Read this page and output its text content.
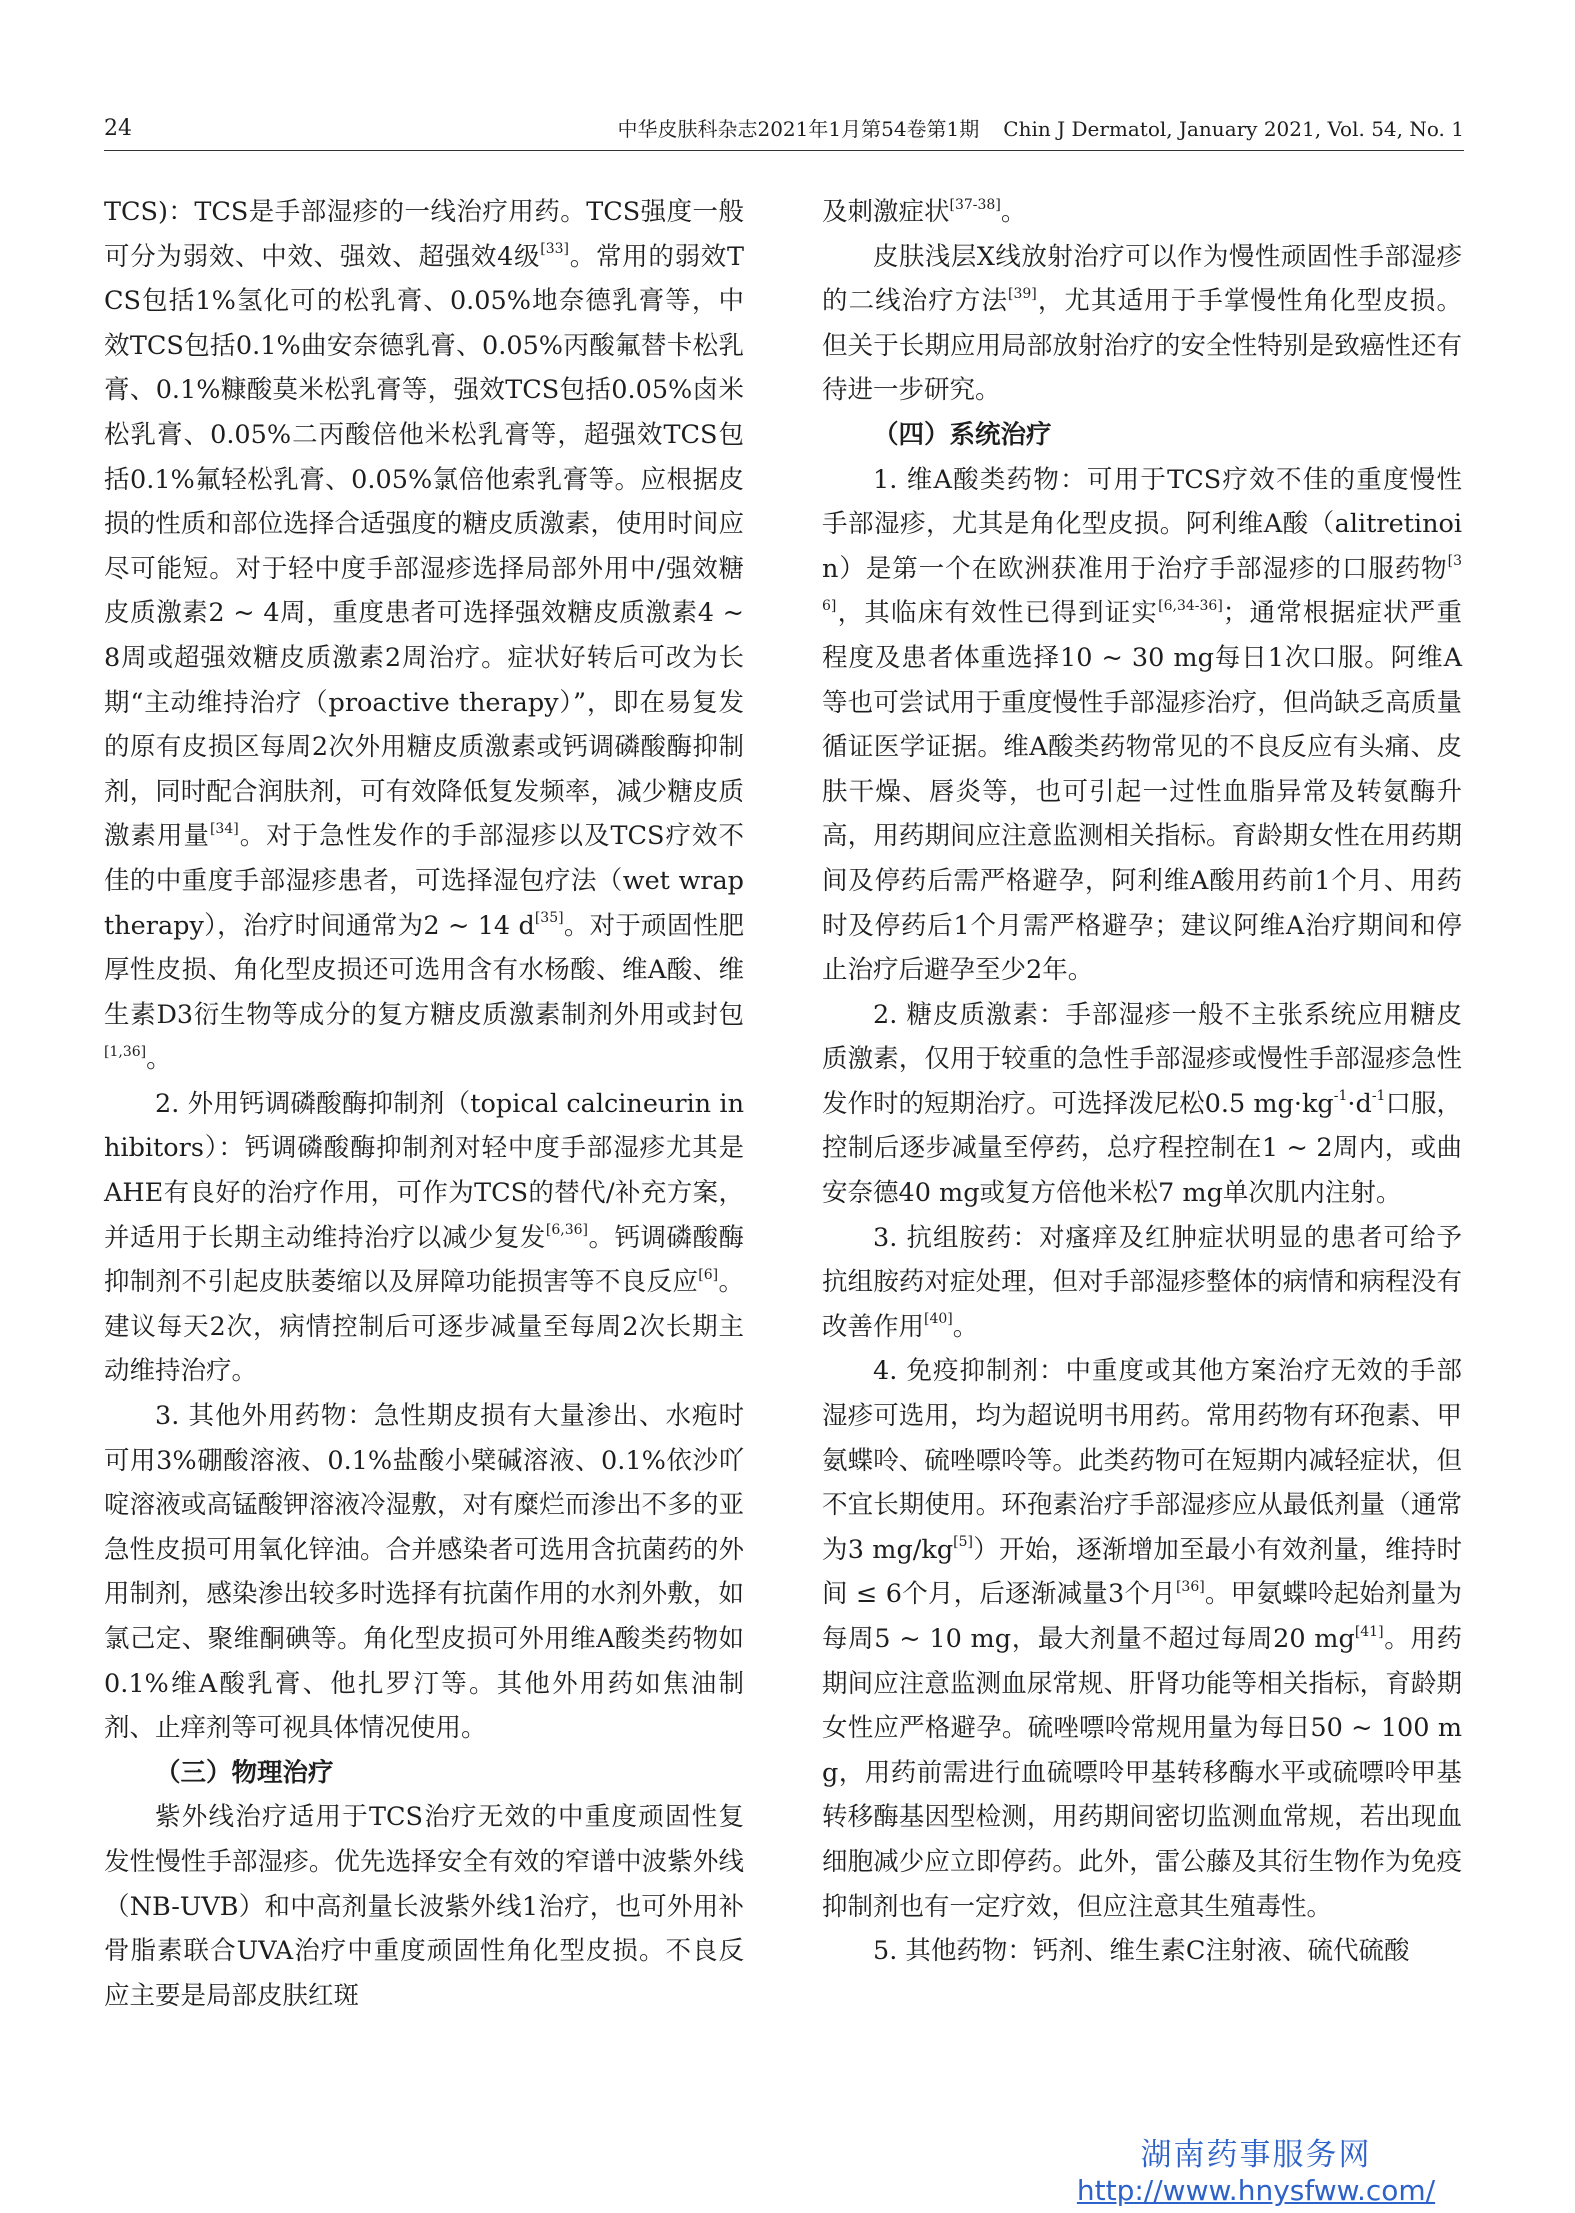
24	中华皮肤科杂志2021年1月第54卷第1期 Chin J Dermatol, January 2021, Vol. 54, No. 1

TCS)：TCS是手部湿疹的一线治疗用药。TCS强度一般可分为弱效、中效、强效、超强效4级[33]。常用的弱效TCS包括1%氢化可的松乳膏、0.05%地奈德乳膏等，中效TCS包括0.1%曲安奈德乳膏、0.05%丙酸氟替卡松乳膏、0.1%糠酸莫米松乳膏等，强效TCS包括0.05%卤米松乳膏、0.05%二丙酸倍他米松乳膏等，超强效TCS包括0.1%氟轻松乳膏、0.05%氯倍他索乳膏等。应根据皮损的性质和部位选择合适强度的糖皮质激素，使用时间应尽可能短。对于轻中度手部湿疹选择局部外用中/强效糖皮质激素2 ~ 4周，重度患者可选择强效糖皮质激素4 ~ 8周或超强效糖皮质激素2周治疗。症状好转后可改为长期“主动维持治疗（proactive therapy）”，即在易复发的原有皮损区每周2次外用糖皮质激素或钙调磷酸酶抑制剂，同时配合润肤剂，可有效降低复发频率，减少糖皮质激素用量[34]。对于急性发作的手部湿疹以及TCS疗效不佳的中重度手部湿疹患者，可选择湿包疗法（wet wrap therapy），治疗时间通常为2 ~ 14 d[35]。对于顽固性肥厚性皮损、角化型皮损还可选用含有水杨酸、维A酸、维生素D3衍生物等成分的复方糖皮质激素制剂外用或封包[1,36]。

2. 外用钙调磷酸酶抑制剂（topical calcineurin inhibitors）：钙调磷酸酶抑制剂对轻中度手部湿疹尤其是AHE有良好的治疗作用，可作为TCS的替代/补充方案，并适用于长期主动维持治疗以减少复发[6,36]。钙调磷酸酶抑制剂不引起皮肤萎缩以及屏障功能损害等不良反应[6]。建议每天2次，病情控制后可逐步减量至每周2次长期主动维持治疗。

3. 其他外用药物：急性期皮损有大量渗出、水疱时可用3%硼酸溶液、0.1%盐酸小檗碱溶液、0.1%依沙吖啶溶液或高锰酸钾溶液冷湿敷，对有糜烂而渗出不多的亚急性皮损可用氧化锌油。合并感染者可选用含抗菌药的外用制剂，感染渗出较多时选择有抗菌作用的水剂外敷，如氯己定、聚维酮碘等。角化型皮损可外用维A酸类药物如0.1%维A酸乳膏、他扎罗汀等。其他外用药如焦油制剂、止痒剂等可视具体情况使用。

（三）物理治疗

紫外线治疗适用于TCS治疗无效的中重度顽固性复发性慢性手部湿疹。优先选择安全有效的窄谱中波紫外线（NB-UVB）和中高剂量长波紫外线1治疗，也可外用补骨脂素联合UVA治疗中重度顽固性角化型皮损。不良反应主要是局部皮肤红斑

及刺激症状[37-38]。

皮肤浅层X线放射治疗可以作为慢性顽固性手部湿疹的二线治疗方法[39]，尤其适用于手掌慢性角化型皮损。但关于长期应用局部放射治疗的安全性特别是致癌性还有待进一步研究。

（四）系统治疗

1. 维A酸类药物：可用于TCS疗效不佳的重度慢性手部湿疹，尤其是角化型皮损。阿利维A酸（alitretinoin）是第一个在欧洲获准用于治疗手部湿疹的口服药物[36]，其临床有效性已得到证实[6,34-36]；通常根据症状严重程度及患者体重选择10 ~ 30 mg每日1次口服。阿维A等也可尝试用于重度慢性手部湿疹治疗，但尚缺乏高质量循证医学证据。维A酸类药物常见的不良反应有头痛、皮肤干燥、唇炎等，也可引起一过性血脂异常及转氨酶升高，用药期间应注意监测相关指标。育龄期女性在用药期间及停药后需严格避孕，阿利维A酸用药前1个月、用药时及停药后1个月需严格避孕；建议阿维A治疗期间和停止治疗后避孕至少2年。

2. 糖皮质激素：手部湿疹一般不主张系统应用糖皮质激素，仅用于较重的急性手部湿疹或慢性手部湿疹急性发作时的短期治疗。可选择泼尼松0.5 $mg\cdot kg^{-1}\cdot d^{-1}$口服，控制后逐步减量至停药，总疗程控制在1 ~ 2周内，或曲安奈德40 mg或复方倍他米松7 mg单次肌内注射。

3. 抗组胺药：对瘙痒及红肿症状明显的患者可给予抗组胺药对症处理，但对手部湿疹整体的病情和病程没有改善作用[40]。

4. 免疫抑制剂：中重度或其他方案治疗无效的手部湿疹可选用，均为超说明书用药。常用药物有环孢素、甲氨蝶呤、硫唑嘌呤等。此类药物可在短期内减轻症状，但不宜长期使用。环孢素治疗手部湿疹应从最低剂量（通常为3 mg/kg[5]）开始，逐渐增加至最小有效剂量，维持时间 ≤ 6个月，后逐渐减量3个月[36]。甲氨蝶呤起始剂量为每周5 ~ 10 mg，最大剂量不超过每周20 mg[41]。用药期间应注意监测血尿常规、肝肾功能等相关指标，育龄期女性应严格避孕。硫唑嘌呤常规用量为每日50 ~ 100 mg，用药前需进行血硫嘌呤甲基转移酶水平或硫嘌呤甲基转移酶基因型检测，用药期间密切监测血常规，若出现血细胞减少应立即停药。此外，雷公藤及其衍生物作为免疫抑制剂也有一定疗效，但应注意其生殖毒性。

5. 其他药物：钙剂、维生素C注射液、硫代硫酸

湖南药事服务网
http://www.hnysfww.com/
